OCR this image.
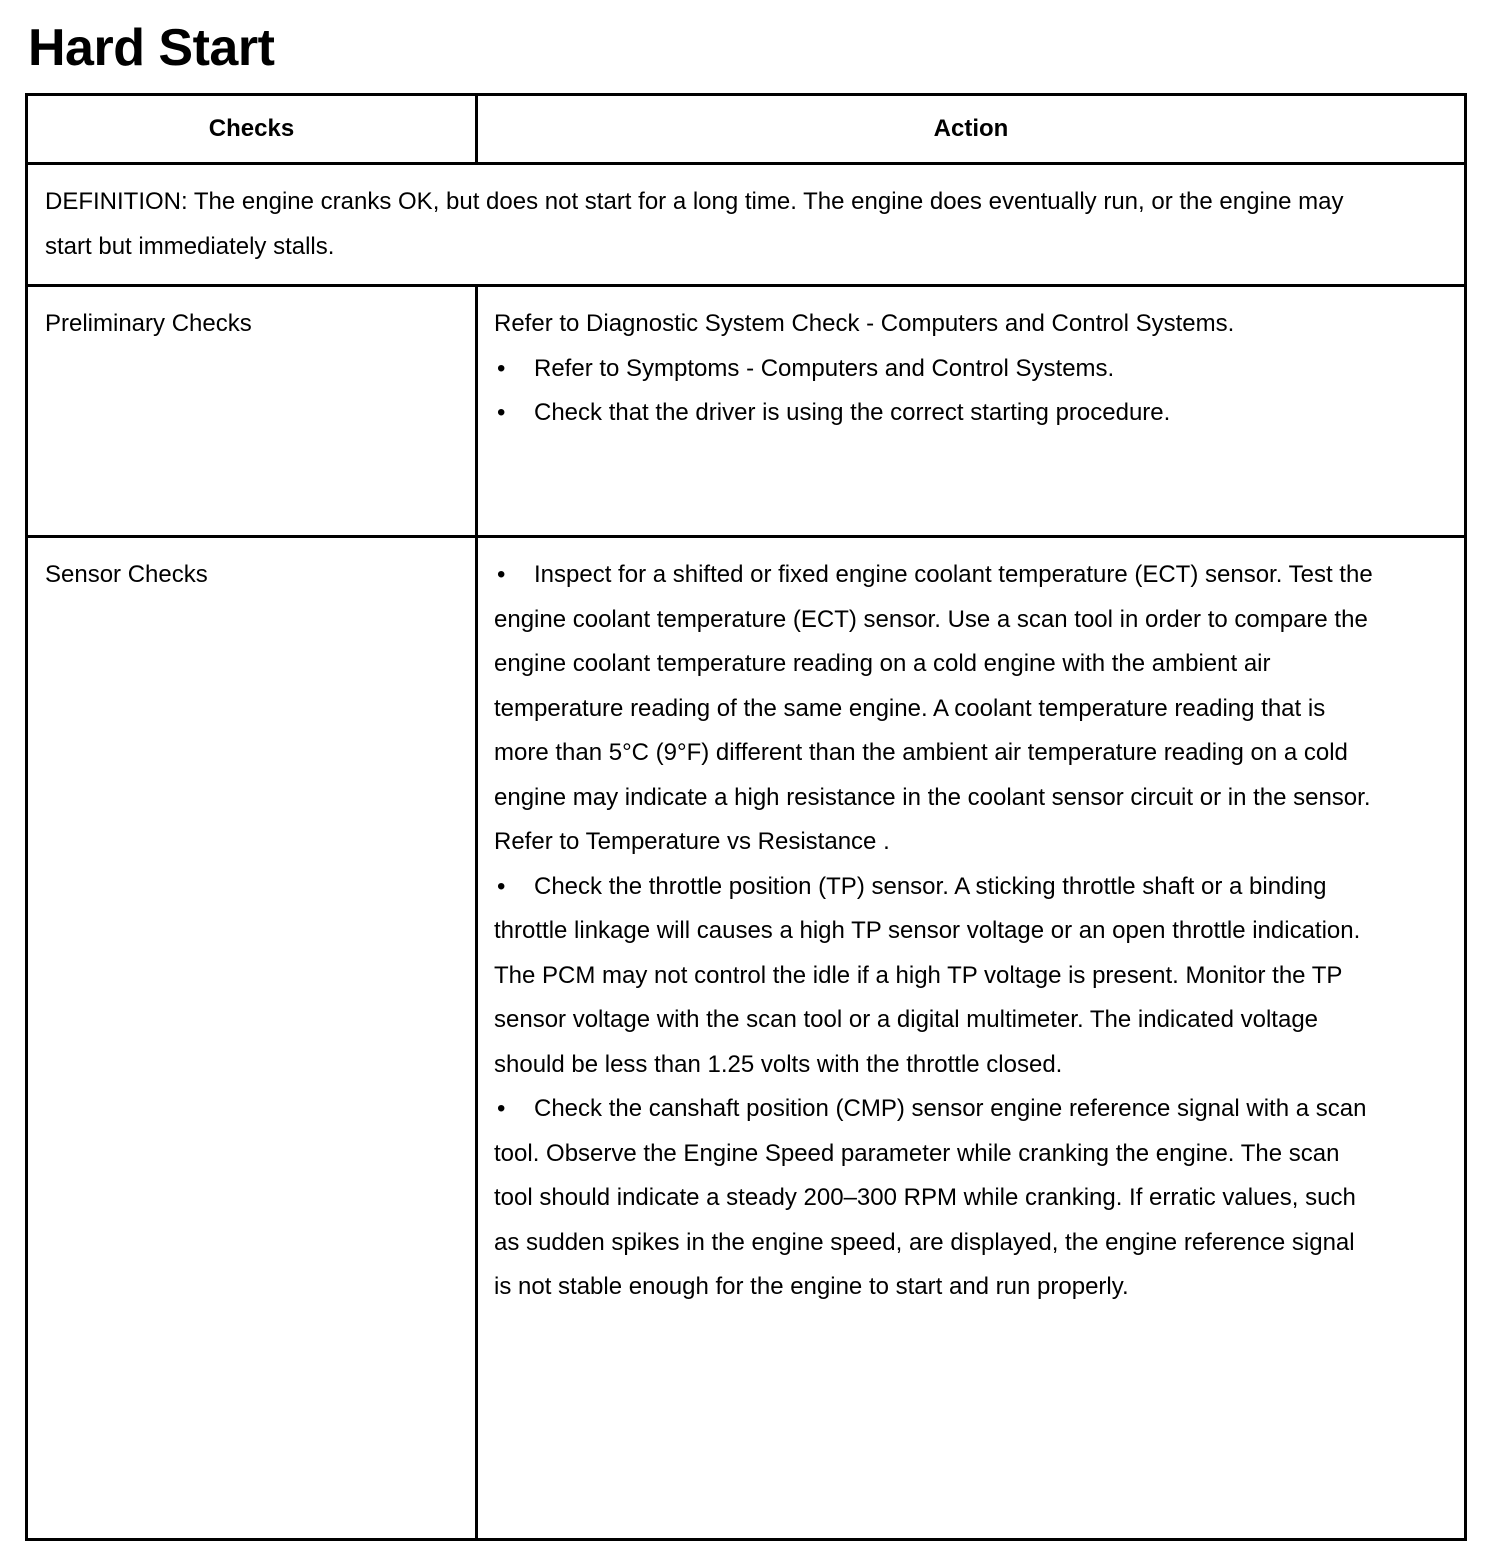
Hard Start
Checks	Action
DEFINITION: The engine cranks OK, but does not start for a long time. The engine does eventually run, or the engine may start but immediately stalls.	
Preliminary Checks	Refer to Diagnostic System Check - Computers and Control Systems.
• Refer to Symptoms - Computers and Control Systems.
• Check that the driver is using the correct starting procedure.

Sensor Checks	• Inspect for a shifted or fixed engine coolant temperature (ECT) sensor. Test the engine coolant temperature (ECT) sensor. Use a scan tool in order to compare the engine coolant temperature reading on a cold engine with the ambient air temperature reading of the same engine. A coolant temperature reading that is more than 5°C (9°F) different than the ambient air temperature reading on a cold engine may indicate a high resistance in the coolant sensor circuit or in the sensor. Refer to Temperature vs Resistance .
• Check the throttle position (TP) sensor. A sticking throttle shaft or a binding throttle linkage will causes a high TP sensor voltage or an open throttle indication. The PCM may not control the idle if a high TP voltage is present. Monitor the TP sensor voltage with the scan tool or a digital multimeter. The indicated voltage should be less than 1.25 volts with the throttle closed.
• Check the canshaft position (CMP) sensor engine reference signal with a scan tool. Observe the Engine Speed parameter while cranking the engine. The scan tool should indicate a steady 200–300 RPM while cranking. If erratic values, such as sudden spikes in the engine speed, are displayed, the engine reference signal is not stable enough for the engine to start and run properly.
